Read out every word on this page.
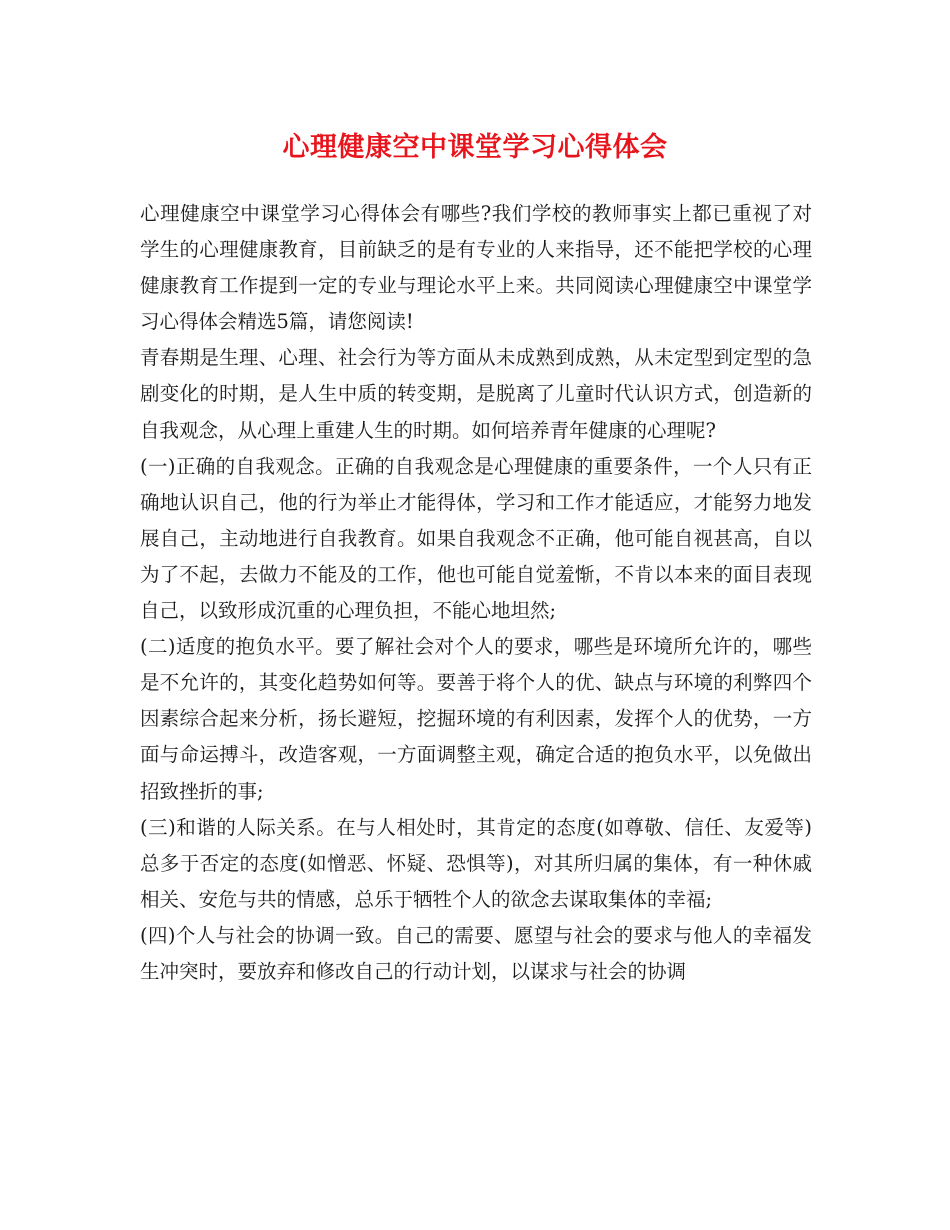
心理健康空中课堂学习心得体会

心理健康空中课堂学习心得体会有哪些?我们学校的教师事实上都已重视了对学生的心理健康教育，目前缺乏的是有专业的人来指导，还不能把学校的心理健康教育工作提到一定的专业与理论水平上来。共同阅读心理健康空中课堂学习心得体会精选5篇，请您阅读!

青春期是生理、心理、社会行为等方面从未成熟到成熟，从未定型到定型的急剧变化的时期，是人生中质的转变期，是脱离了儿童时代认识方式，创造新的自我观念，从心理上重建人生的时期。如何培养青年健康的心理呢?

(一)正确的自我观念。正确的自我观念是心理健康的重要条件，一个人只有正确地认识自己，他的行为举止才能得体，学习和工作才能适应，才能努力地发展自己，主动地进行自我教育。如果自我观念不正确，他可能自视甚高，自以为了不起，去做力不能及的工作，他也可能自觉羞惭，不肯以本来的面目表现自己，以致形成沉重的心理负担，不能心地坦然;

(二)适度的抱负水平。要了解社会对个人的要求，哪些是环境所允许的，哪些是不允许的，其变化趋势如何等。要善于将个人的优、缺点与环境的利弊四个因素综合起来分析，扬长避短，挖掘环境的有利因素，发挥个人的优势，一方面与命运搏斗，改造客观，一方面调整主观，确定合适的抱负水平，以免做出招致挫折的事;

(三)和谐的人际关系。在与人相处时，其肯定的态度(如尊敬、信任、友爱等)总多于否定的态度(如憎恶、怀疑、恐惧等)，对其所归属的集体，有一种休戚相关、安危与共的情感，总乐于牺牲个人的欲念去谋取集体的幸福;

(四)个人与社会的协调一致。自己的需要、愿望与社会的要求与他人的幸福发生冲突时，要放弃和修改自己的行动计划，以谋求与社会的协调
